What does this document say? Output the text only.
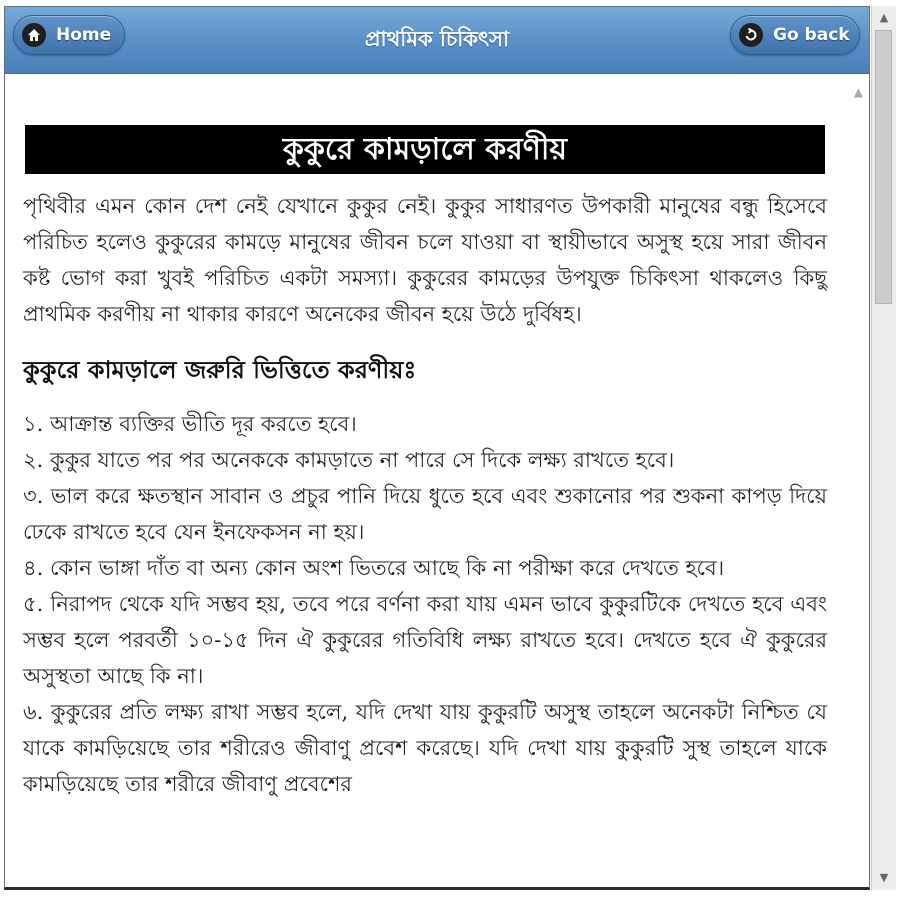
Home	প্রাথমিক চিকিৎসা	Go back
▲
কুকুরে কামড়ালে করণীয়

পৃথিবীর এমন কোন দেশ নেই যেখানে কুকুর নেই। কুকুর সাধারণত উপকারী মানুষের বন্ধু হিসেবে পরিচিত হলেও কুকুরের কামড়ে মানুষের জীবন চলে যাওয়া বা স্থায়ীভাবে অসুস্থ হয়ে সারা জীবন কষ্ট ভোগ করা খুবই পরিচিত একটা সমস্যা। কুকুরের কামড়ের উপযুক্ত চিকিৎসা থাকলেও কিছু প্রাথমিক করণীয় না থাকার কারণে অনেকের জীবন হয়ে উঠে দুর্বিষহ।

কুকুরে কামড়ালে জরুরি ভিত্তিতে করণীয়ঃ

১. আক্রান্ত ব্যক্তির ভীতি দূর করতে হবে।

২. কুকুর যাতে পর পর অনেককে কামড়াতে না পারে সে দিকে লক্ষ্য রাখতে হবে।

৩. ভাল করে ক্ষতস্থান সাবান ও প্রচুর পানি দিয়ে ধুতে হবে এবং শুকানোর পর শুকনা কাপড় দিয়ে ঢেকে রাখতে হবে যেন ইনফেকসন না হয়।

৪. কোন ভাঙ্গা দাঁত বা অন্য কোন অংশ ভিতরে আছে কি না পরীক্ষা করে দেখতে হবে।

৫. নিরাপদ থেকে যদি সম্ভব হয়, তবে পরে বর্ণনা করা যায় এমন ভাবে কুকুরটিকে দেখতে হবে এবং সম্ভব হলে পরবর্তী ১০-১৫ দিন ঐ কুকুরের গতিবিধি লক্ষ্য রাখতে হবে। দেখতে হবে ঐ কুকুরের অসুস্থতা আছে কি না।

৬. কুকুরের প্রতি লক্ষ্য রাখা সম্ভব হলে, যদি দেখা যায় কুকুরটি অসুস্থ তাহলে অনেকটা নিশ্চিত যে যাকে কামড়িয়েছে তার শরীরেও জীবাণু প্রবেশ করেছে। যদি দেখা যায় কুকুরটি সুস্থ তাহলে যাকে কামড়িয়েছে তার শরীরে জীবাণু প্রবেশের

▲
▼
